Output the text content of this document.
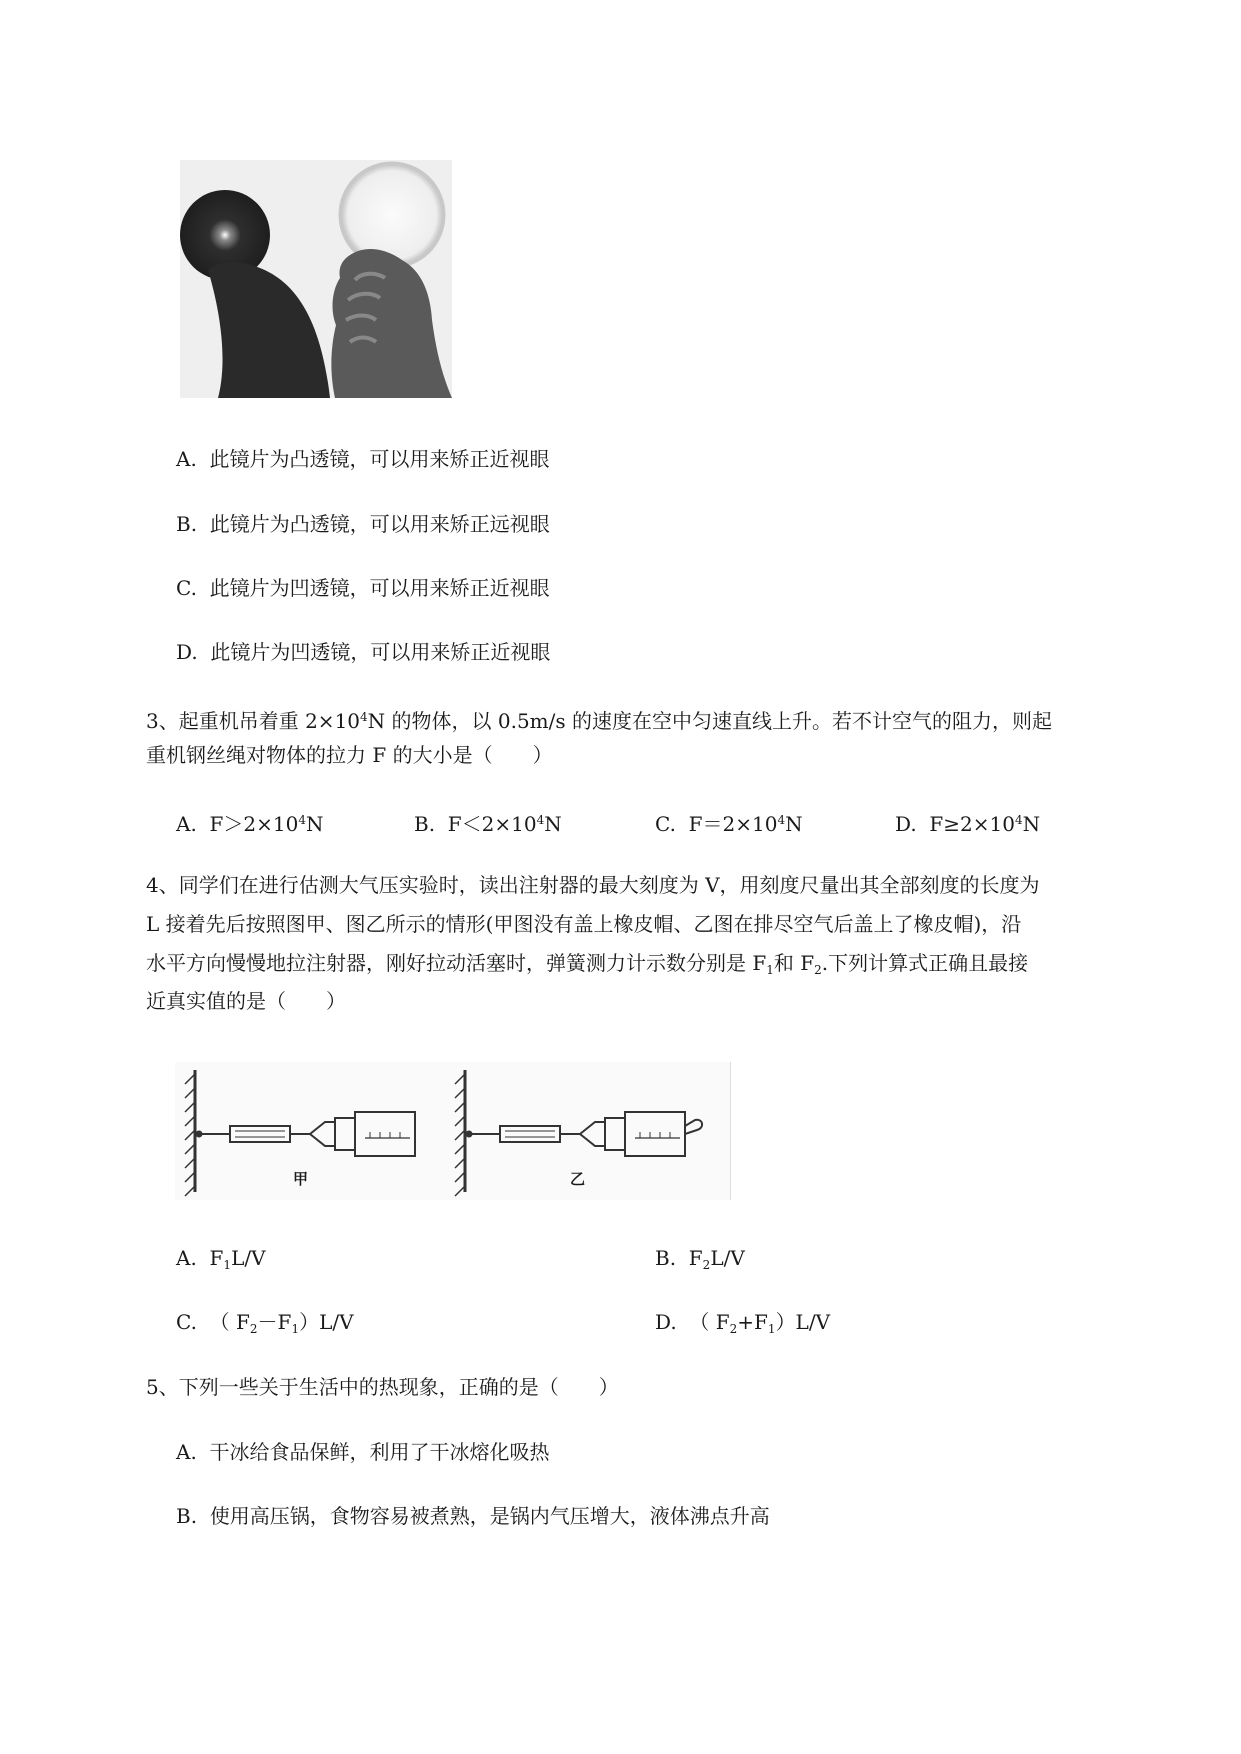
A. 此镜片为凸透镜，可以用来矫正近视眼
B. 此镜片为凸透镜，可以用来矫正远视眼
C. 此镜片为凹透镜，可以用来矫正近视眼
D. 此镜片为凹透镜，可以用来矫正近视眼
3、起重机吊着重 $2\times 10^4N$ 的物体，以 0.5m/s 的速度在空中匀速直线上升。若不计空气的阻力，则起
重机钢丝绳对物体的拉力 F 的大小是（　　）
A. $F>2\times 10^4N$	B. $F<2\times 10^4N$	C. $F=2\times 10^4N$	D. $F\ge 2\times 10^4N$
4、同学们在进行估测大气压实验时，读出注射器的最大刻度为 V，用刻度尺量出其全部刻度的长度为
L 接着先后按照图甲、图乙所示的情形(甲图没有盖上橡皮帽、乙图在排尽空气后盖上了橡皮帽)，沿
水平方向慢慢地拉注射器，刚好拉动活塞时，弹簧测力计示数分别是 $F_1$和 $F_2$.下列计算式正确且最接
近真实值的是（　　）
甲	乙
A. $F_1L/V$	B. $F_2L/V$
C. （ $F_2-F_1)L/V$	D. （ $F_2+F_1)L/V$
5、下列一些关于生活中的热现象，正确的是（　　）
A. 干冰给食品保鲜，利用了干冰熔化吸热
B. 使用高压锅，食物容易被煮熟，是锅内气压增大，液体沸点升高
